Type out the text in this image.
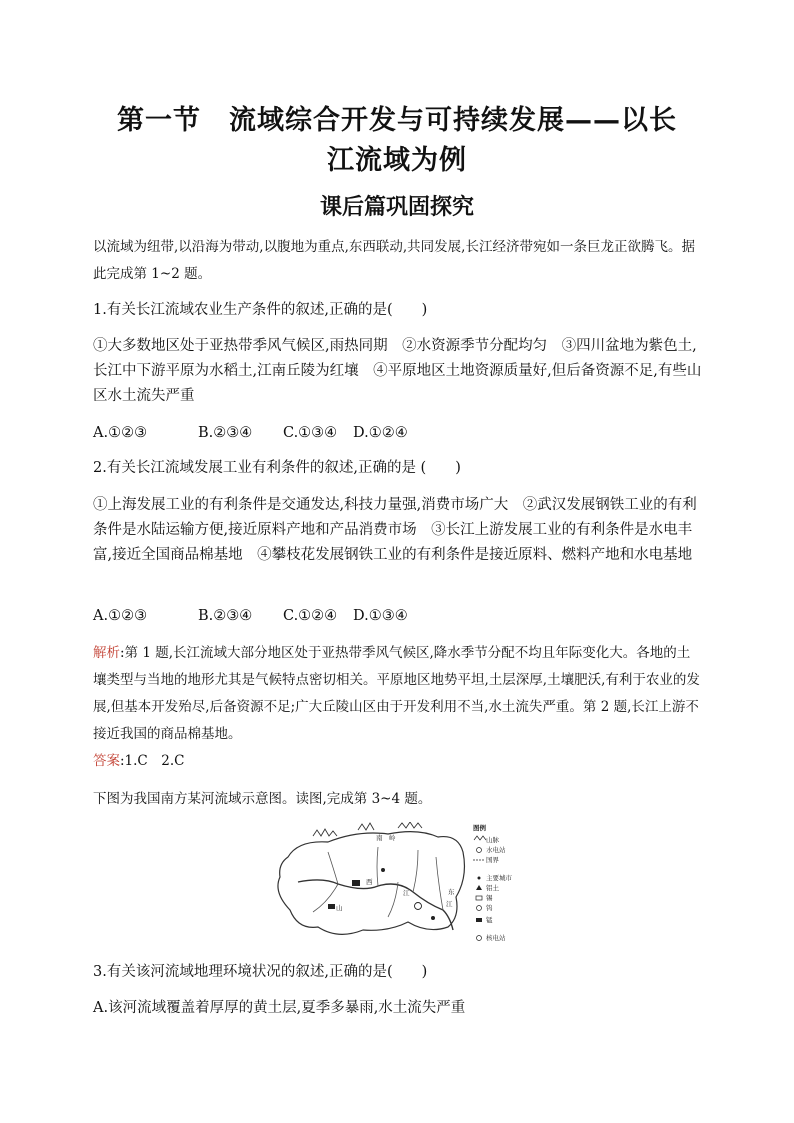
第一节　流域综合开发与可持续发展——以长
江流域为例
课后篇巩固探究
以流域为纽带,以沿海为带动,以腹地为重点,东西联动,共同发展,长江经济带宛如一条巨龙正欲腾飞。据此完成第 1~2 题。
1.有关长江流域农业生产条件的叙述,正确的是(　　)
①大多数地区处于亚热带季风气候区,雨热同期　②水资源季节分配均匀　③四川盆地为紫色土,长江中下游平原为水稻土,江南丘陵为红壤　④平原地区土地资源质量好,但后备资源不足,有些山区水土流失严重
A.①②③	B.②③④ C.①③④ D.①②④
2.有关长江流域发展工业有利条件的叙述,正确的是 (　　)
①上海发展工业的有利条件是交通发达,科技力量强,消费市场广大　②武汉发展钢铁工业的有利条件是水陆运输方便,接近原料产地和产品消费市场　③长江上游发展工业的有利条件是水电丰富,接近全国商品棉基地　④攀枝花发展钢铁工业的有利条件是接近原料、燃料产地和水电基地
A.①②③	B.②③④ C.①②④ D.①③④
解析:第 1 题,长江流域大部分地区处于亚热带季风气候区,降水季节分配不均且年际变化大。各地的土壤类型与当地的地形尤其是气候特点密切相关。平原地区地势平坦,土层深厚,土壤肥沃,有利于农业的发展,但基本开发殆尽,后备资源不足;广大丘陵山区由于开发利用不当,水土流失严重。第 2 题,长江上游不接近我国的商品棉基地。
答案:1.C　2.C
下图为我国南方某河流域示意图。读图,完成第 3~4 题。
南　岭
西
江	东
江
山
图例
山脉
水电站
国界
主要城市
铝土
锡
钨
锰
核电站
3.有关该河流域地理环境状况的叙述,正确的是(　　)
A.该河流域覆盖着厚厚的黄土层,夏季多暴雨,水土流失严重
